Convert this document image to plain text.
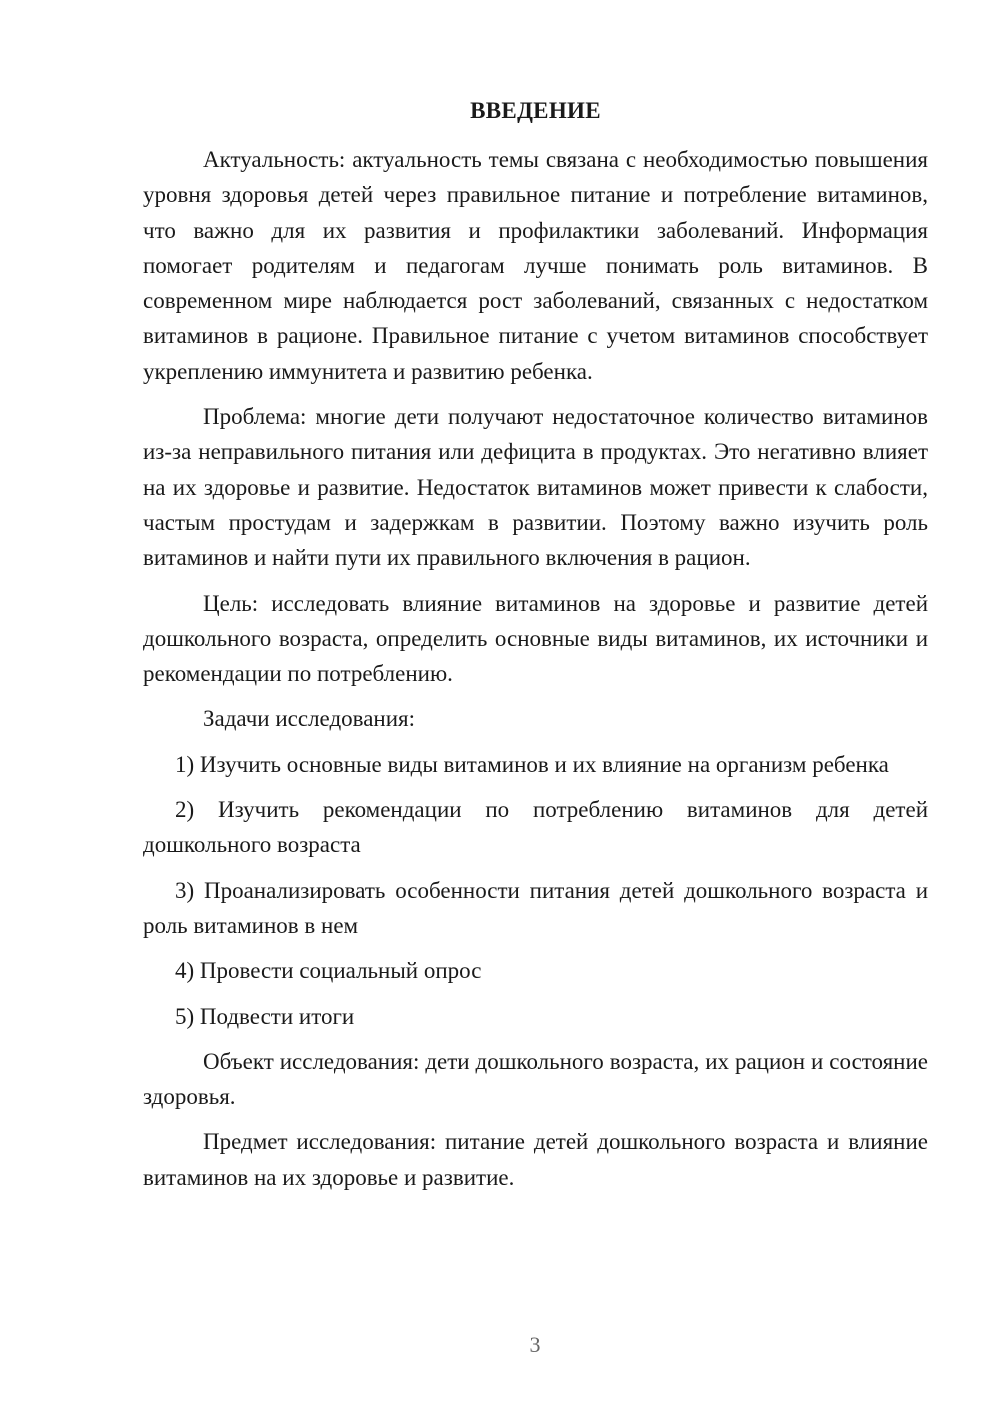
ВВЕДЕНИЕ

Актуальность: актуальность темы связана с необходимостью повышения уровня здоровья детей через правильное питание и потребление витаминов, что важно для их развития и профилактики заболеваний. Информация помогает родителям и педагогам лучше понимать роль витаминов. В современном мире наблюдается рост заболеваний, связанных с недостатком витаминов в рационе. Правильное питание с учетом витаминов способствует укреплению иммунитета и развитию ребенка.

Проблема: многие дети получают недостаточное количество витаминов из-за неправильного питания или дефицита в продуктах. Это негативно влияет на их здоровье и развитие. Недостаток витаминов может привести к слабости, частым простудам и задержкам в развитии. Поэтому важно изучить роль витаминов и найти пути их правильного включения в рацион.

Цель: исследовать влияние витаминов на здоровье и развитие детей дошкольного возраста, определить основные виды витаминов, их источники и рекомендации по потреблению.

Задачи исследования:

1) Изучить основные виды витаминов и их влияние на организм ребенка

2) Изучить рекомендации по потреблению витаминов для детей дошкольного возраста

3) Проанализировать особенности питания детей дошкольного возраста и роль витаминов в нем

4) Провести социальный опрос

5) Подвести итоги

Объект исследования: дети дошкольного возраста, их рацион и состояние здоровья.

Предмет исследования: питание детей дошкольного возраста и влияние витаминов на их здоровье и развитие.

3
